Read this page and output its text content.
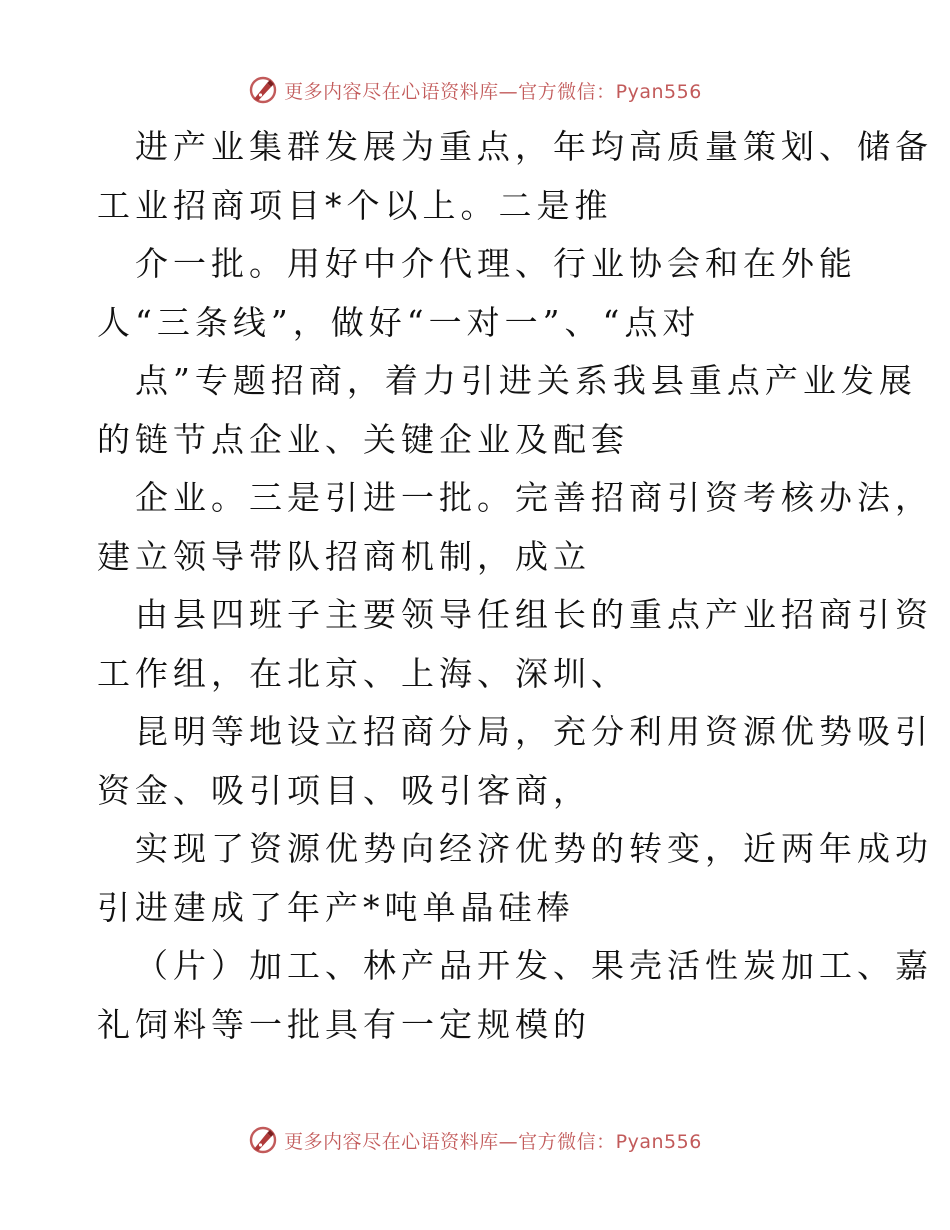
更多内容尽在心语资料库—官方微信：Pyan556
进产业集群发展为重点，年均高质量策划、储备
工业招商项目*个以上。二是推
介一批。用好中介代理、行业协会和在外能
人“三条线”，做好“一对一”、“点对
点”专题招商，着力引进关系我县重点产业发展
的链节点企业、关键企业及配套
企业。三是引进一批。完善招商引资考核办法，
建立领导带队招商机制，成立
由县四班子主要领导任组长的重点产业招商引资
工作组，在北京、上海、深圳、
昆明等地设立招商分局，充分利用资源优势吸引
资金、吸引项目、吸引客商，
实现了资源优势向经济优势的转变，近两年成功
引进建成了年产*吨单晶硅棒
（片）加工、林产品开发、果壳活性炭加工、嘉
礼饲料等一批具有一定规模的
更多内容尽在心语资料库—官方微信：Pyan556
